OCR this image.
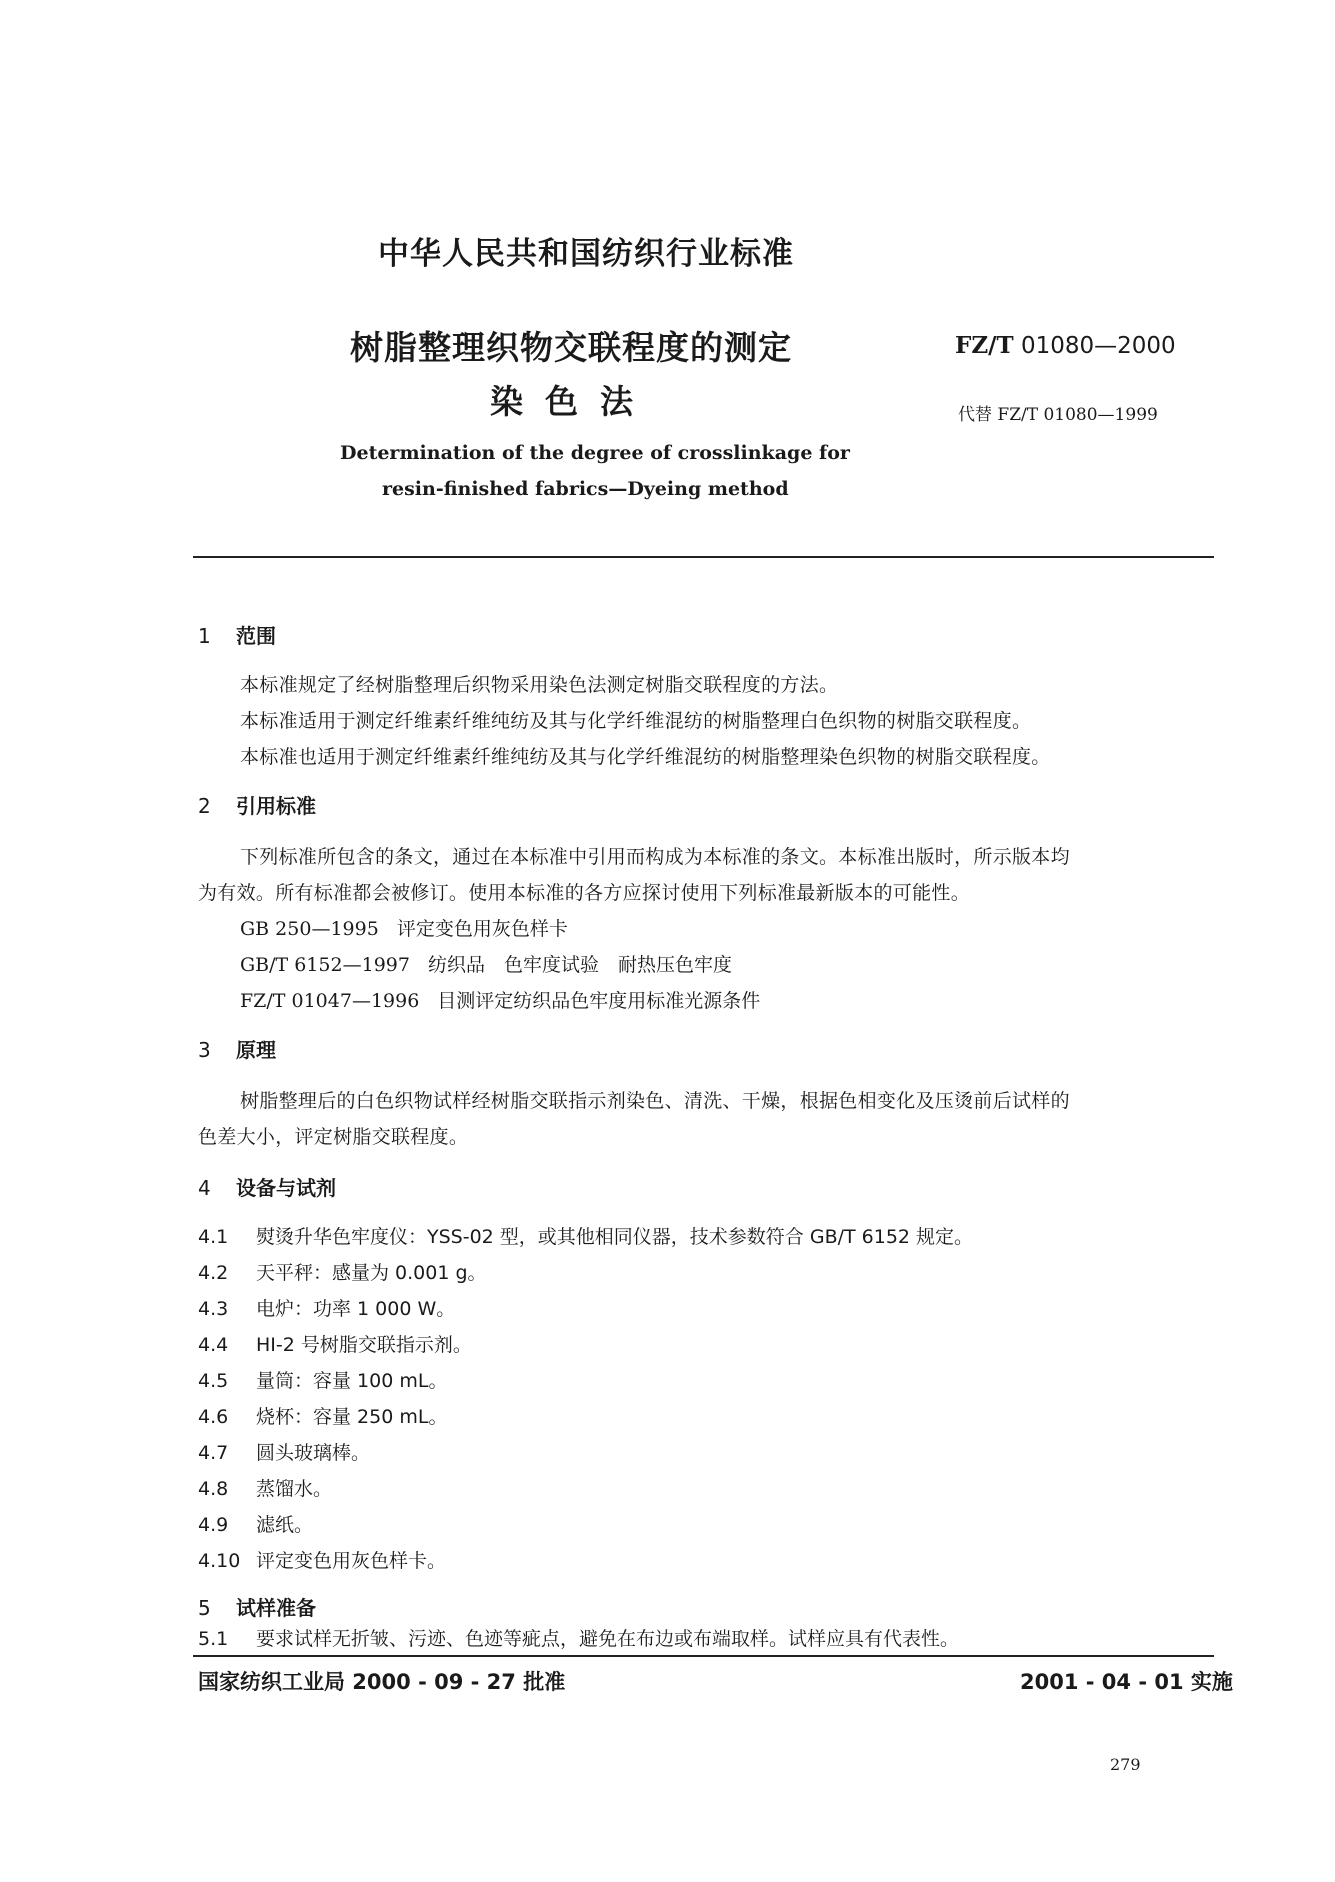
中华人民共和国纺织行业标准
树脂整理织物交联程度的测定
染色法
FZ/T 01080—2000
代替 FZ/T 01080—1999
Determination of the degree of crosslinkage for
resin-finished fabrics—Dyeing method
1 范围
本标准规定了经树脂整理后织物采用染色法测定树脂交联程度的方法。
本标准适用于测定纤维素纤维纯纺及其与化学纤维混纺的树脂整理白色织物的树脂交联程度。
本标准也适用于测定纤维素纤维纯纺及其与化学纤维混纺的树脂整理染色织物的树脂交联程度。
2 引用标准
下列标准所包含的条文，通过在本标准中引用而构成为本标准的条文。本标准出版时，所示版本均
为有效。所有标准都会被修订。使用本标准的各方应探讨使用下列标准最新版本的可能性。
GB 250—1995 评定变色用灰色样卡
GB/T 6152—1997 纺织品　色牢度试验　耐热压色牢度
FZ/T 01047—1996 目测评定纺织品色牢度用标准光源条件
3 原理
树脂整理后的白色织物试样经树脂交联指示剂染色、清洗、干燥，根据色相变化及压烫前后试样的
色差大小，评定树脂交联程度。
4 设备与试剂
4.1 熨烫升华色牢度仪：YSS-02 型，或其他相同仪器，技术参数符合 GB/T 6152 规定。
4.2 天平秤：感量为 0.001 g。
4.3 电炉：功率 1 000 W。
4.4 HI-2 号树脂交联指示剂。
4.5 量筒：容量 100 mL。
4.6 烧杯：容量 250 mL。
4.7 圆头玻璃棒。
4.8 蒸馏水。
4.9 滤纸。
4.10 评定变色用灰色样卡。
5 试样准备
5.1 要求试样无折皱、污迹、色迹等疵点，避免在布边或布端取样。试样应具有代表性。
国家纺织工业局 2000 - 09 - 27 批准	2001 - 04 - 01 实施
279
